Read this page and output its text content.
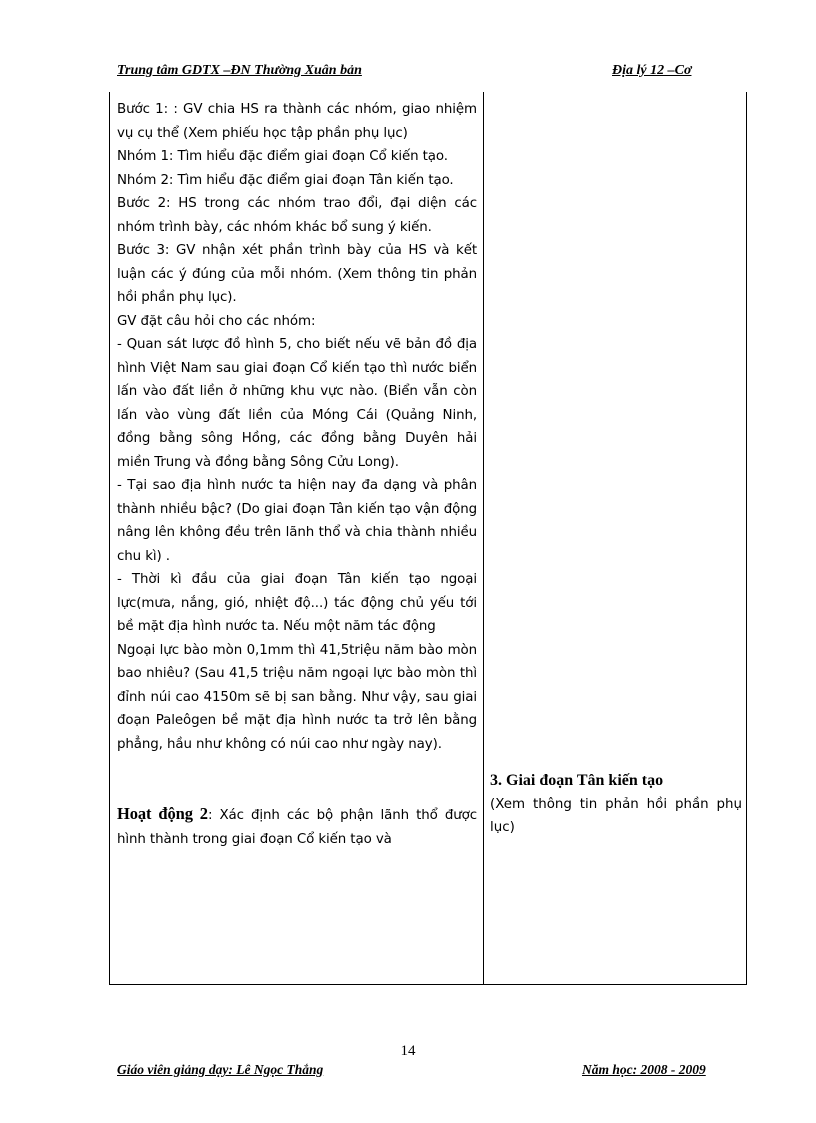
Trung tâm GDTX –ĐN Thường Xuân bản	Địa lý 12 –Cơ

Bước 1: : GV chia HS ra thành các nhóm, giao nhiệm vụ cụ thể (Xem phiếu học tập phần phụ lục)

Nhóm 1: Tìm hiểu đặc điểm giai đoạn Cổ kiến tạo.

Nhóm 2: Tìm hiểu đặc điểm giai đoạn Tân kiến tạo.

Bước 2: HS trong các nhóm trao đổi, đại diện các nhóm trình bày, các nhóm khác bổ sung ý kiến.

Bước 3: GV nhận xét phần trình bày của HS và kết luận các ý đúng của mỗi nhóm. (Xem thông tin phản hồi phần phụ lục).

GV đặt câu hỏi cho các nhóm:

- Quan sát lược đồ hình 5, cho biết nếu vẽ bản đồ địa hình Việt Nam sau giai đoạn Cổ kiến tạo thì nước biển lấn vào đất liền ở những khu vực nào. (Biển vẫn còn lấn vào vùng đất liền của Móng Cái (Quảng Ninh, đồng bằng sông Hồng, các đồng bằng Duyên hải miền Trung và đồng bằng Sông Cửu Long).

- Tại sao địa hình nước ta hiện nay đa dạng và phân thành nhiều bậc? (Do giai đoạn Tân kiến tạo vận động nâng lên không đều trên lãnh thổ và chia thành nhiều chu kì) .

- Thời kì đầu của giai đoạn Tân kiến tạo ngoại lực(mưa, nắng, gió, nhiệt độ...) tác động chủ yếu tới bề mặt địa hình nước ta. Nếu một năm tác động

Ngoại lực bào mòn 0,1mm thì 41,5triệu năm bào mòn bao nhiêu? (Sau 41,5 triệu năm ngoại lực bào mòn thì đỉnh núi cao 4150m sẽ bị san bằng. Như vậy, sau giai đoạn Paleôgen bề mặt địa hình nước ta trở lên bằng phẳng, hầu như không có núi cao như ngày nay).

Hoạt động 2: Xác định các bộ phận lãnh thổ được hình thành trong giai đoạn Cổ kiến tạo và

3. Giai đoạn Tân kiến tạo

(Xem thông tin phản hồi phần phụ lục)

14
Giáo viên giảng dạy: Lê Ngọc Thắng	Năm học: 2008 - 2009
